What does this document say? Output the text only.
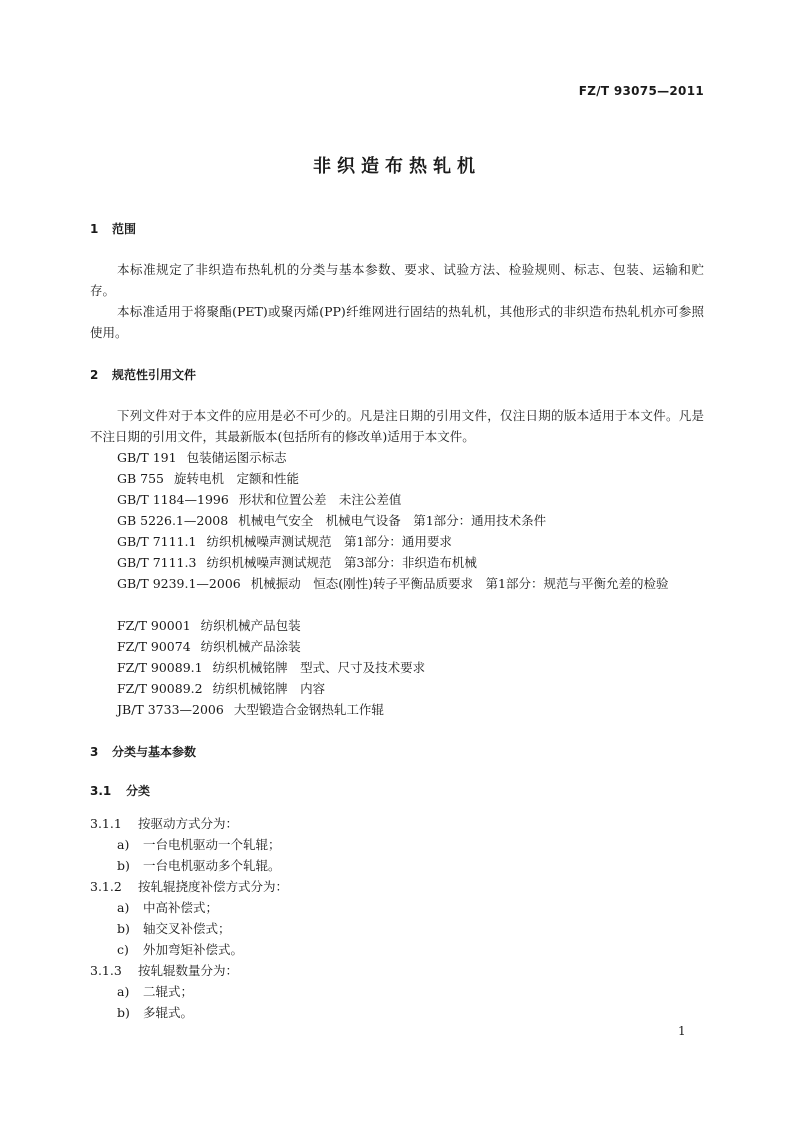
FZ/T 93075—2011
非织造布热轧机
1 范围

本标准规定了非织造布热轧机的分类与基本参数、要求、试验方法、检验规则、标志、包装、运输和贮存。

本标准适用于将聚酯(PET)或聚丙烯(PP)纤维网进行固结的热轧机，其他形式的非织造布热轧机亦可参照使用。

2 规范性引用文件

下列文件对于本文件的应用是必不可少的。凡是注日期的引用文件，仅注日期的版本适用于本文件。凡是不注日期的引用文件，其最新版本(包括所有的修改单)适用于本文件。

GB/T 191 包装储运图示标志
GB 755 旋转电机　定额和性能
GB/T 1184—1996 形状和位置公差　未注公差值
GB 5226.1—2008 机械电气安全　机械电气设备　第1部分：通用技术条件
GB/T 7111.1 纺织机械噪声测试规范　第1部分：通用要求
GB/T 7111.3 纺织机械噪声测试规范　第3部分：非织造布机械
GB/T 9239.1—2006 机械振动　恒态(刚性)转子平衡品质要求　第1部分：规范与平衡允差的检验
FZ/T 90001 纺织机械产品包装
FZ/T 90074 纺织机械产品涂装
FZ/T 90089.1 纺织机械铭牌　型式、尺寸及技术要求
FZ/T 90089.2 纺织机械铭牌　内容
JB/T 3733—2006 大型锻造合金钢热轧工作辊
3 分类与基本参数
3.1 分类
3.1.1 按驱动方式分为：
a) 一台电机驱动一个轧辊；
b) 一台电机驱动多个轧辊。
3.1.2 按轧辊挠度补偿方式分为：
a) 中高补偿式；
b) 轴交叉补偿式；
c) 外加弯矩补偿式。
3.1.3 按轧辊数量分为：
a) 二辊式；
b) 多辊式。
1
